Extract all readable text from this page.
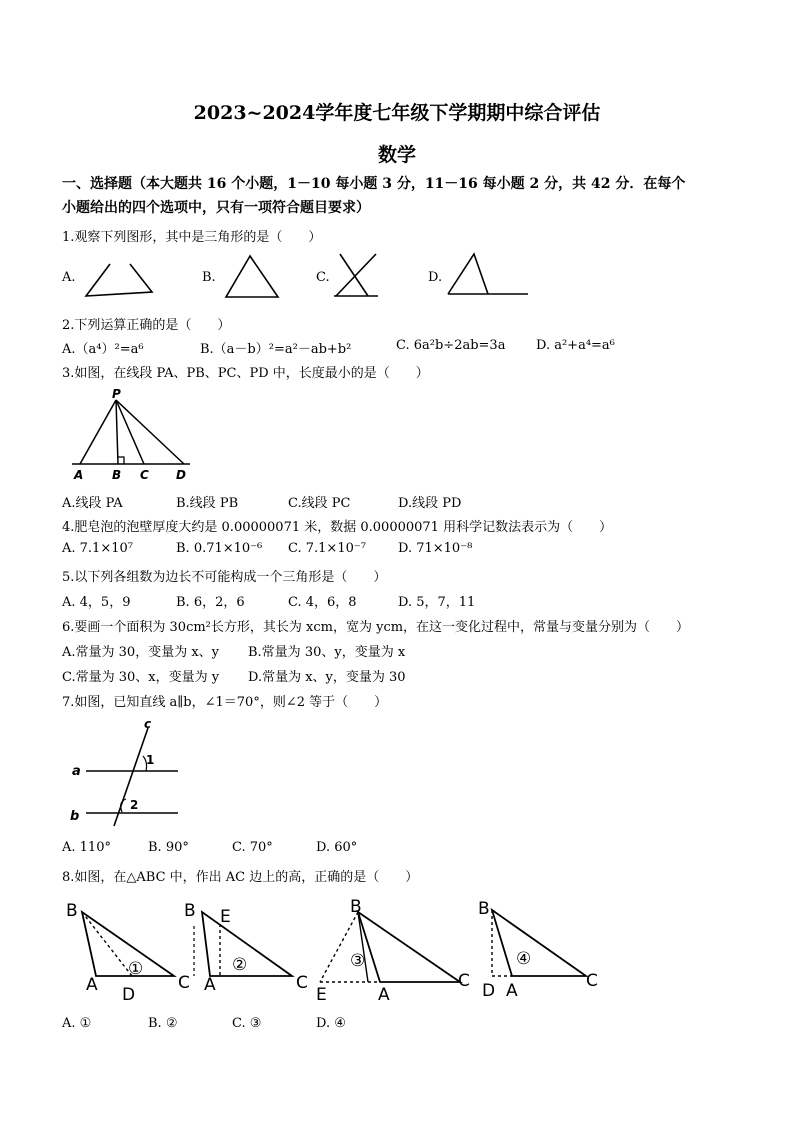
2023~2024学年度七年级下学期期中综合评估
数学
一、选择题（本大题共 16 个小题，1－10 每小题 3 分，11－16 每小题 2 分，共 42 分．在每个
小题给出的四个选项中，只有一项符合题目要求）
1.观察下列图形，其中是三角形的是（　　）
A.	B.	C.	D.
2.下列运算正确的是（　　）
A.（a⁴）²=a⁶	B.（a－b）²=a²－ab+b²	C. 6a²b÷2ab=3a D. a²+a⁴=a⁶
3.如图，在线段 PA、PB、PC、PD 中，长度最小的是（　　）
P
A B C D
A.线段 PA	B.线段 PB	C.线段 PC	D.线段 PD
4.肥皂泡的泡壁厚度大约是 0.00000071 米，数据 0.00000071 用科学记数法表示为（　　）
A. 7.1×10⁷	B. 0.71×10⁻⁶ C. 7.1×10⁻⁷ D. 71×10⁻⁸
5.以下列各组数为边长不可能构成一个三角形是（　　）
A. 4，5，9	B. 6，2，6	C. 4，6，8	D. 5，7，11
6.要画一个面积为 30cm²长方形，其长为 xcm，宽为 ycm，在这一变化过程中，常量与变量分别为（　　）
A.常量为 30，变量为 x、y B.常量为 30、y，变量为 x
C.常量为 30、x，变量为 y D.常量为 x、y，变量为 30
7.如图，已知直线 a∥b，∠1＝70°，则∠2 等于（　　）
c
a
b
1
2
A. 110°	B. 90°	C. 70°	D. 60°
8.如图，在△ABC 中，作出 AC 边上的高，正确的是（　　）
B
A	C
D
①
B E
A	C
②
B
E	A
C
③
B
D A	C
④
A. ①	B. ②	C. ③	D. ④
